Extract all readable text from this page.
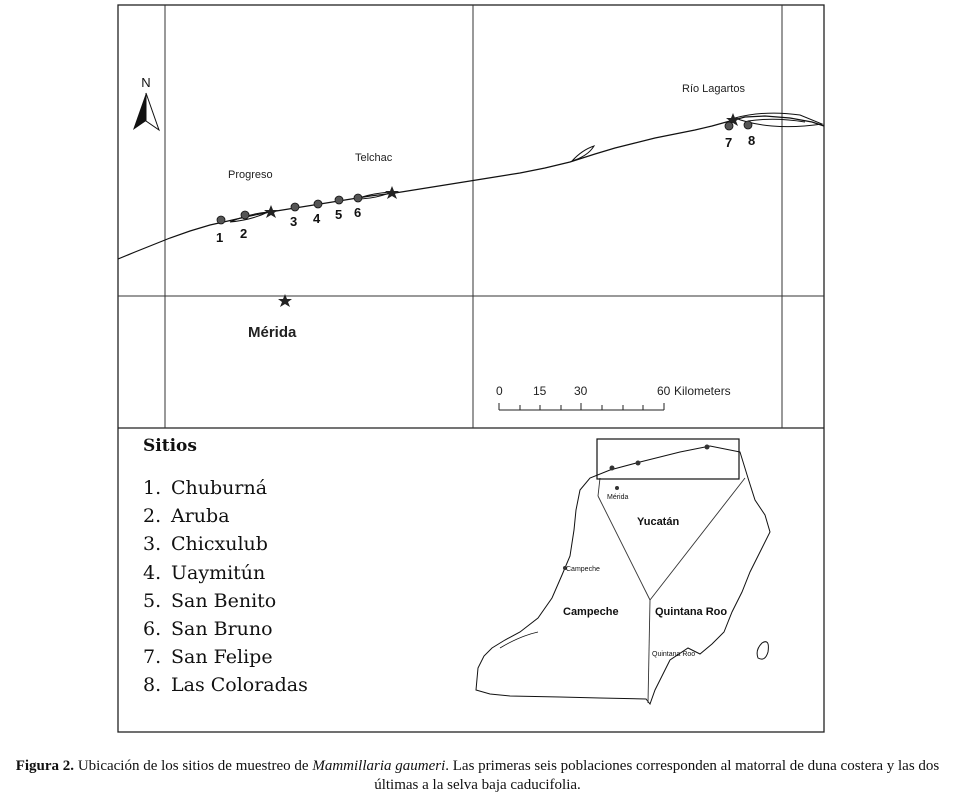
N
Progreso
Telchac
Río Lagartos
Mérida
1 2
3 4 5 6
7 8
0	15 30	60 Kilometers
Mérida
Yucatán
Campeche
Campeche	Quintana Roo
Quintana Roo
Sitios
1. Chuburná
2. Aruba
3. Chicxulub
4. Uaymitún
5. San Benito
6. San Bruno
7. San Felipe
8. Las Coloradas
Figura 2. Ubicación de los sitios de muestreo de Mammillaria gaumeri. Las primeras seis poblaciones corresponden al matorral de duna costera y las dos últimas a la selva baja caducifolia.
